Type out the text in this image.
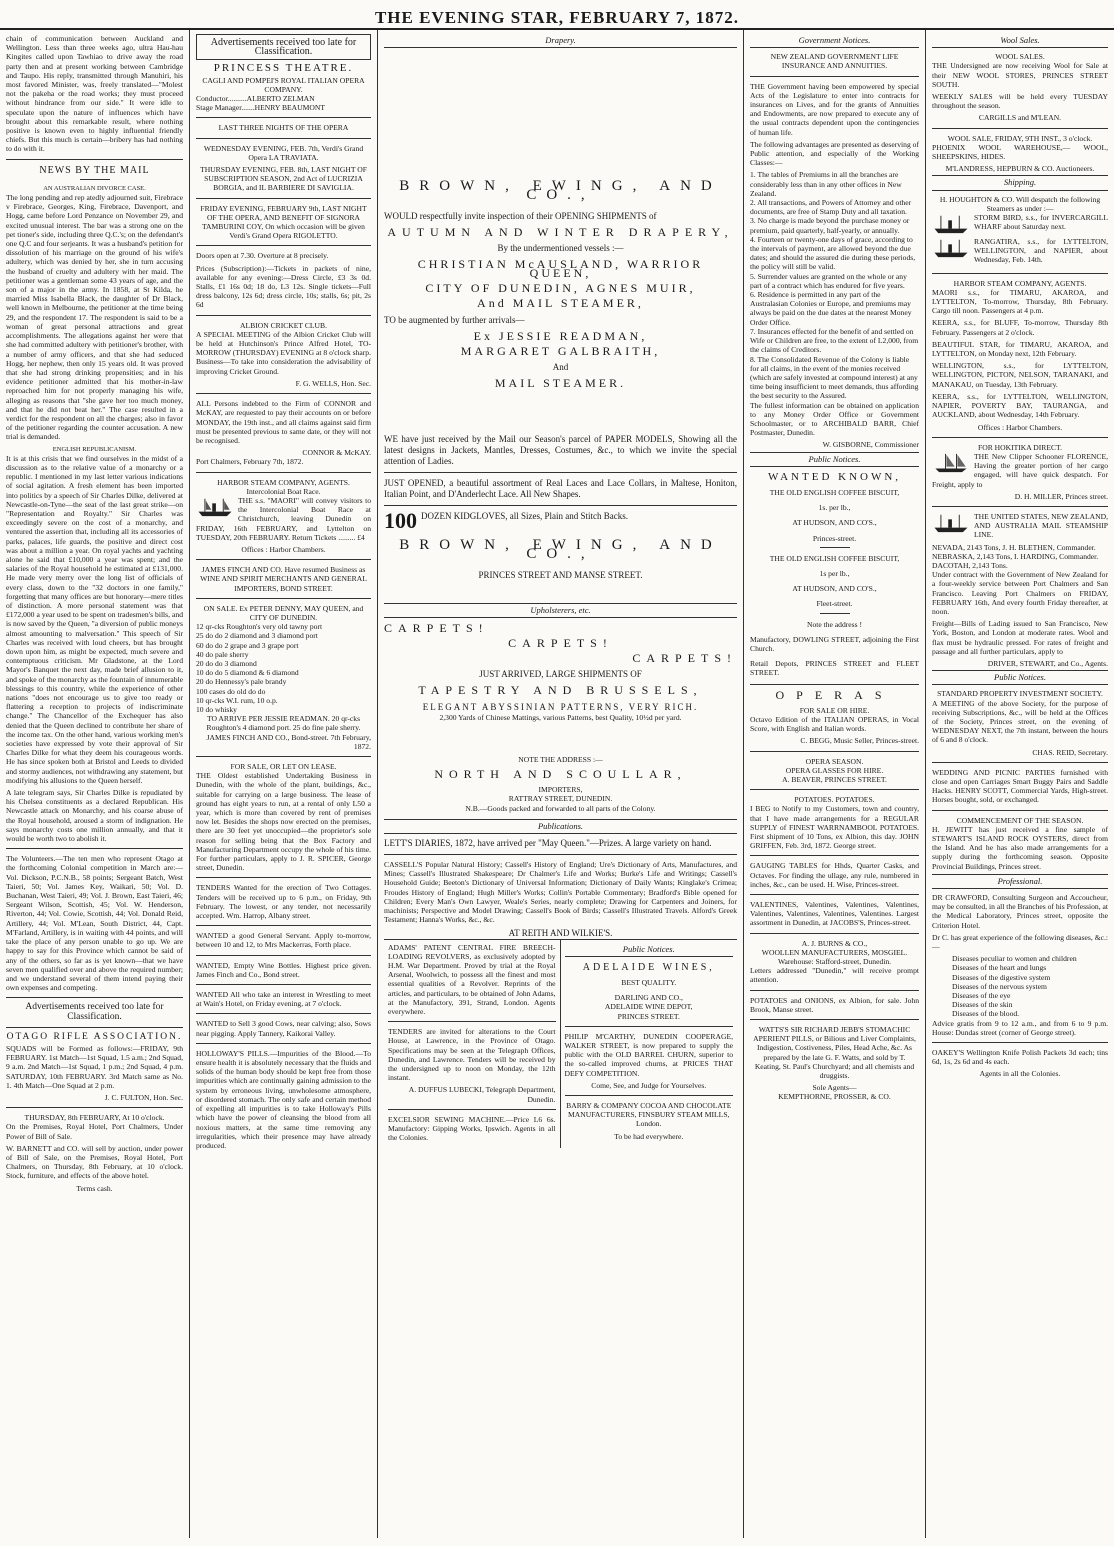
THE EVENING STAR, FEBRUARY 7, 1872.

chain of communication between Auckland and Wellington. Less than three weeks ago, ultra Hau-hau Kingites called upon Tawhiao to drive away the road party then and at present working between Cambridge and Taupo. His reply, transmitted through Manuhiri, his most favored Minister, was, freely translated—"Molest not the pakeha or the road works; they must proceed without hindrance from our side." It were idle to speculate upon the nature of influences which have brought about this remarkable result, where nothing positive is known even to highly influential friendly chiefs. But this much is certain—bribery has had nothing to do with it.

NEWS BY THE MAIL
AN AUSTRALIAN DIVORCE CASE.

The long pending and rep atedly adjourned suit, Firebrace v Firebrace, Georges, King, Firebrace, Davenport, and Hogg, came before Lord Penzance on November 29, and excited unusual interest. The bar was a strong one on the pet tioner's side, including three Q.C.'s; on the defendant's one Q.C and four serjeants. It was a husband's petition for dissolution of his marriage on the ground of his wife's adultery, which was denied by her, she in turn accusing the husband of cruelty and adultery with her maid. The petitioner was a gentleman some 43 years of age, and the son of a major in the army. In 1858, at St Kilda, he married Miss Isabella Black, the daughter of Dr Black, well known in Melbourne, the petitioner at the time being 29, and the respondent 17. The respondent is said to be a woman of great personal attractions and great accomplishments. The allegations against her were that she had committed adultery with petitioner's brother, with a number of army officers, and that she had seduced Hogg, her nephew, then only 15 years old. It was proved that she had strong drinking propensities; and in his evidence petitioner admitted that his mother-in-law reproached him for not properly managing his wife, alleging as reasons that "she gave her too much money, and that he did not beat her." The case resulted in a verdict for the respondent on all the charges; also in favor of the petitioner regarding the counter accusation. A new trial is demanded.

ENGLISH REPUBLICANISM.

It is at this crisis that we find ourselves in the midst of a discussion as to the relative value of a monarchy or a republic. I mentioned in my last letter various indications of social agitation. A fresh element has been imported into politics by a speech of Sir Charles Dilke, delivered at Newcastle-on-Tyne—the seat of the last great strike—on "Representation and Royalty." Sir Charles was exceedingly severe on the cost of a monarchy, and ventured the assertion that, including all its accessories of parks, palaces, life guards, the positive and direct cost was about a million a year. On royal yachts and yachting alone he said that £10,000 a year was spent; and the salaries of the Royal household he estimated at £131,000. He made very merry over the long list of officials of every class, down to the "32 doctors in one family," forgetting that many offices are but honorary—mere titles of distinction. A more personal statement was that £172,000 a year used to be spent on tradesmen's bills, and is now saved by the Queen, "a diversion of public moneys almost amounting to malversation." This speech of Sir Charles was received with loud cheers, but has brought down upon him, as might be expected, much severe and contemptuous criticism. Mr Gladstone, at the Lord Mayor's Banquet the next day, made brief allusion to it, and spoke of the monarchy as the fountain of innumerable blessings to this country, while the experience of other nations "does not encourage us to give too ready or flattering a reception to projects of indiscriminate change." The Chancellor of the Exchequer has also denied that the Queen declined to contribute her share of the income tax. On the other hand, various working men's societies have expressed by vote their approval of Sir Charles Dilke for what they deem his courageous words. He has since spoken both at Bristol and Leeds to divided and stormy audiences, not withdrawing any statement, but modifying his allusions to the Queen herself.

A late telegram says, Sir Charles Dilke is repudiated by his Chelsea constituents as a declared Republican. His Newcastle attack on Monarchy, and his coarse abuse of the Royal household, aroused a storm of indignation. He says monarchy costs one million annually, and that it would be worth two to abolish it.

The Volunteers.—The ten men who represent Otago at the forthcoming Colonial competition in March are:—Vol. Dickson, P.C.N.B., 58 points; Sergeant Batch, West Taieri, 50; Vol. James Key, Waikari, 50; Vol. D. Buchanan, West Taieri, 49; Vol. J. Brown, East Taieri, 46; Sergeant Wilson, Scottish, 45; Vol. W. Henderson, Riverton, 44; Vol. Cowie, Scottish, 44; Vol. Donald Reid, Artillery, 44; Vol. M'Lean, South District, 44, Capt. M'Farland, Artillery, is in waiting with 44 points, and will take the place of any person unable to go up. We are happy to say for this Province which cannot be said of any of the others, so far as is yet known—that we have seven men qualified over and above the required number; and we understand several of them intend paying their own expenses and competing.

Advertisements received too late for Classification.
OTAGO RIFLE ASSOCIATION.

SQUADS will be Formed as follows:—FRIDAY, 9th FEBRUARY. 1st Match—1st Squad, 1.5 a.m.; 2nd Squad, 9 a.m. 2nd Match—1st Squad, 1 p.m.; 2nd Squad, 4 p.m. SATURDAY, 10th FEBRUARY. 3rd Match same as No. 1. 4th Match—One Squad at 2 p.m.

J. C. FULTON, Hon. Sec.
THURSDAY, 8th FEBRUARY, At 10 o'clock.

On the Premises, Royal Hotel, Port Chalmers, Under Power of Bill of Sale.

W. BARNETT and CO. will sell by auction, under power of Bill of Sale, on the Premises, Royal Hotel, Port Chalmers, on Thursday, 8th February, at 10 o'clock. Stock, furniture, and effects of the above hotel.

Terms cash.
Advertisements received too late for Classification.
PRINCESS THEATRE.
CAGLI AND POMPEI'S ROYAL ITALIAN OPERA COMPANY.
Conductor..........ALBERTO ZELMAN
Stage Manager.......HENRY BEAUMONT
LAST THREE NIGHTS OF THE OPERA
WEDNESDAY EVENING, FEB. 7th, Verdi's Grand Opera LA TRAVIATA.
THURSDAY EVENING, FEB. 8th, LAST NIGHT OF SUBSCRIPTION SEASON, 2nd Act of LUCRIZIA BORGIA, and IL BARBIERE DI SAVIGLIA.
FRIDAY EVENING, FEBRUARY 9th, LAST NIGHT OF THE OPERA, AND BENEFIT OF SIGNORA TAMBURINI COY, On which occasion will be given Verdi's Grand Opera RIGOLETTO.

Doors open at 7.30. Overture at 8 precisely.

Prices (Subscription):—Tickets in packets of nine, available for any evening:—Dress Circle, £3 3s 0d. Stalls, £1 16s 0d; 18 do, L3 12s. Single tickets—Full dress balcony, 12s 6d; dress circle, 10s; stalls, 6s; pit, 2s 6d

ALBION CRICKET CLUB.

A SPECIAL MEETING of the Albion Cricket Club will be held at Hutchinson's Prince Alfred Hotel, TO-MORROW (THURSDAY) EVENING at 8 o'clock sharp. Business—To take into consideration the advisability of improving Cricket Ground.

F. G. WELLS, Hon. Sec.

ALL Persons indebted to the Firm of CONNOR and McKAY, are requested to pay their accounts on or before MONDAY, the 19th inst., and all claims against said firm must be presented previous to same date, or they will not be recognised.

CONNOR & McKAY.
Port Chalmers, February 7th, 1872.
HARBOR STEAM COMPANY, AGENTS.
Intercolonial Boat Race.

THE s.s. "MAORI" will convey visitors to the Intercolonial Boat Race at Christchurch, leaving Dunedin on FRIDAY, 16th FEBRUARY, and Lyttelton on TUESDAY, 20th FEBRUARY. Return Tickets ......... £4

Offices : Harbor Chambers.

JAMES FINCH AND CO. Have resumed Business as WINE AND SPIRIT MERCHANTS AND GENERAL IMPORTERS, BOND STREET.

ON SALE. Ex PETER DENNY, MAY QUEEN, and CITY OF DUNEDIN.
12 qr-cks Roughton's very old tawny port
25 do do 2 diamond and 3 diamond port
60 do do 2 grape and 3 grape port
40 do pale sherry
20 do do 3 diamond
10 do do 5 diamond & 6 diamond
20 do Hennessy's pale brandy
100 cases do old do do
10 qr-cks W.I. rum, 10 o.p.
10 do whisky
TO ARRIVE PER JESSIE READMAN. 20 qr-cks Roughton's 4 diamond port. 25 do fine pale sherry.
JAMES FINCH AND CO., Bond-street. 7th February, 1872.
FOR SALE, OR LET ON LEASE.

THE Oldest established Undertaking Business in Dunedin, with the whole of the plant, buildings, &c., suitable for carrying on a large business. The lease of ground has eight years to run, at a rental of only L50 a year, which is more than covered by rent of premises now let. Besides the shops now erected on the premises, there are 30 feet yet unoccupied—the proprietor's sole reason for selling being that the Box Factory and Manufacturing Department occupy the whole of his time. For further particulars, apply to J. R. SPICER, George street, Dunedin.

TENDERS Wanted for the erection of Two Cottages. Tenders will be received up to 6 p.m., on Friday, 9th February. The lowest, or any tender, not necessarily accepted. Wm. Harrop, Albany street.

WANTED a good General Servant. Apply to-morrow, between 10 and 12, to Mrs Mackerras, Forth place.

WANTED, Empty Wine Bottles. Highest price given. James Finch and Co., Bond street.

WANTED All who take an interest in Wrestling to meet at Wain's Hotel, on Friday evening, at 7 o'clock.

WANTED to Sell 3 good Cows, near calving; also, Sows near pigging. Apply Tannery, Kaikorai Valley.

HOLLOWAY'S PILLS.—Impurities of the Blood.—To ensure health it is absolutely necessary that the fluids and solids of the human body should be kept free from those impurities which are continually gaining admission to the system by erroneous living, unwholesome atmosphere, or disordered stomach. The only safe and certain method of expelling all impurities is to take Holloway's Pills which have the power of cleansing the blood from all noxious matters, at the same time removing any irregularities, which their presence may have already produced.

Drapery.
BROWN, EWING, AND CO.,

WOULD respectfully invite inspection of their OPENING SHIPMENTS of

AUTUMN AND WINTER DRAPERY,
By the undermentioned vessels :—
CHRISTIAN McAUSLAND, WARRIOR QUEEN,
CITY OF DUNEDIN, AGNES MUIR,
And MAIL STEAMER,
TO be augmented by further arrivals—
Ex JESSIE READMAN,
MARGARET GALBRAITH,
And
MAIL STEAMER.

WE have just received by the Mail our Season's parcel of PAPER MODELS, Showing all the latest designs in Jackets, Mantles, Dresses, Costumes, &c., to which we invite the special attention of Ladies.

JUST OPENED, a beautiful assortment of Real Laces and Lace Collars, in Maltese, Honiton, Italian Point, and D'Anderlecht Lace. All New Shapes.

100 DOZEN KIDGLOVES, all Sizes, Plain and Stitch Backs.

BROWN, EWING, AND CO.,
PRINCES STREET AND MANSE STREET.
Upholsterers, etc.
CARPETS!
CARPETS!
CARPETS!
JUST ARRIVED, LARGE SHIPMENTS OF
TAPESTRY AND BRUSSELS,
ELEGANT ABYSSINIAN PATTERNS, VERY RICH.

2,300 Yards of Chinese Mattings, various Patterns, best Quality, 10½d per yard.

NOTE THE ADDRESS :—
NORTH AND SCOULLAR,
IMPORTERS,
RATTRAY STREET, DUNEDIN.
N.B.—Goods packed and forwarded to all parts of the Colony.
Publications.

LETT'S DIARIES, 1872, have arrived per "May Queen."—Prizes. A large variety on hand.

CASSELL'S Popular Natural History; Cassell's History of England; Ure's Dictionary of Arts, Manufactures, and Mines; Cassell's Illustrated Shakespeare; Dr Chalmer's Life and Works; Burke's Life and Writings; Cassell's Household Guide; Beeton's Dictionary of Universal Information; Dictionary of Daily Wants; Kinglake's Crimea; Froudes History of England; Hugh Miller's Works; Collin's Portable Commentary; Bradford's Bible opened for Children; Every Man's Own Lawyer, Weale's Series, nearly complete; Drawing for Carpenters and Joiners, for machinists; Perspective and Model Drawing; Cassell's Book of Birds; Cassell's Illustrated Travels. Alford's Greek Testament; Hanna's Works, &c., &c.

AT REITH AND WILKIE'S.

ADAMS' PATENT CENTRAL FIRE BREECH-LOADING REVOLVERS, as exclusively adopted by H.M. War Department. Proved by trial at the Royal Arsenal, Woolwich, to possess all the finest and most essential qualities of a Revolver. Reprints of the articles, and particulars, to be obtained of John Adams, at the Manufactory, 391, Strand, London. Agents everywhere.

TENDERS are invited for alterations to the Court House, at Lawrence, in the Province of Otago. Specifications may be seen at the Telegraph Offices, Dunedin, and Lawrence. Tenders will be received by the undersigned up to noon on Monday, the 12th instant.

A. DUFFUS LUBECKI, Telegraph Department, Dunedin.

EXCELSIOR SEWING MACHINE.—Price L6 6s. Manufactory: Gipping Works, Ipswich. Agents in all the Colonies.

Public Notices.
ADELAIDE WINES,
BEST QUALITY.
DARLING AND CO.,
ADELAIDE WINE DEPOT,
PRINCES STREET.

PHILIP M'CARTHY, DUNEDIN COOPERAGE, WALKER STREET, is now prepared to supply the public with the OLD BARREL CHURN, superior to the so-called improved churns, at PRICES THAT DEFY COMPETITION.

Come, See, and Judge for Yourselves.

BARRY & COMPANY COCOA AND CHOCOLATE MANUFACTURERS, FINSBURY STEAM MILLS, London.

To be had everywhere.
Government Notices.
NEW ZEALAND GOVERNMENT LIFE INSURANCE AND ANNUITIES.

THE Government having been empowered by special Acts of the Legislature to enter into contracts for insurances on Lives, and for the grants of Annuities and Endowments, are now prepared to execute any of the usual contracts dependent upon the contingencies of human life.

The following advantages are presented as deserving of Public attention, and especially of the Working Classes:—

1. The tables of Premiums in all the branches are considerably less than in any other offices in New Zealand.
2. All transactions, and Powers of Attorney and other documents, are free of Stamp Duty and all taxation.
3. No charge is made beyond the purchase money or premium, paid quarterly, half-yearly, or annually.
4. Fourteen or twenty-one days of grace, according to the intervals of payment, are allowed beyond the due dates; and should the assured die during these periods, the policy will still be valid.
5. Surrender values are granted on the whole or any part of a contract which has endured for five years.
6. Residence is permitted in any part of the Australasian Colonies or Europe, and premiums may always be paid on the due dates at the nearest Money Order Office.
7. Insurances effected for the benefit of and settled on Wife or Children are free, to the extent of L2,000, from the claims of Creditors.
8. The Consolidated Revenue of the Colony is liable for all claims, in the event of the monies received (which are safely invested at compound interest) at any time being insufficient to meet demands, thus affording the best security to the Assured.

The fullest information can be obtained on application to any Money Order Office or Government Schoolmaster, or to ARCHIBALD BARR, Chief Postmaster, Dunedin.

W. GISBORNE, Commissioner
Public Notices.
WANTED KNOWN,
THE OLD ENGLISH COFFEE BISCUIT,
1s. per lb.,
AT HUDSON, AND CO'S.,
Princes-street.
THE OLD ENGLISH COFFEE BISCUIT,
1s per lb.,
AT HUDSON, AND CO'S.,
Fleet-street.
Note the address !

Manufactory, DOWLING STREET, adjoining the First Church.

Retail Depots, PRINCES STREET and FLEET STREET.

OPERAS
FOR SALE OR HIRE.

Octavo Edition of the ITALIAN OPERAS, in Vocal Score, with English and Italian words.

C. BEGG, Music Seller, Princes-street.
OPERA SEASON.
OPERA GLASSES FOR HIRE.
A. BEAVER, PRINCES STREET.
POTATOES. POTATOES.

I BEG to Notify to my Customers, town and country, that I have made arrangements for a REGULAR SUPPLY of FINEST WARRNAMBOOL POTATOES. First shipment of 10 Tons, ex Albion, this day. JOHN GRIFFEN, Feb. 3rd, 1872. George street.

GAUGING TABLES for Hhds, Quarter Casks, and Octaves. For finding the ullage, any rule, numbered in inches, &c., can be used. H. Wise, Princes-street.

VALENTINES, Valentines, Valentines, Valentines, Valentines, Valentines, Valentines, Valentines. Largest assortment in Dunedin, at JACOBS'S, Princes-street.

A. J. BURNS & CO.,
WOOLLEN MANUFACTURERS, MOSGIEL.
Warehouse: Stafford-street, Dunedin.

Letters addressed "Dunedin," will receive prompt attention.

POTATOES and ONIONS, ex Albion, for sale. John Brook, Manse street.

WATTS'S SIR RICHARD JEBB'S STOMACHIC APERIENT PILLS, or Bilious and Liver Complaints, Indigestion, Costiveness, Piles, Head Ache, &c. As prepared by the late G. F. Watts, and sold by T. Keating, St. Paul's Churchyard; and all chemists and druggists.

Sole Agents—
KEMPTHORNE, PROSSER, & CO.
Wool Sales.
WOOL SALES.

THE Undersigned are now receiving Wool for Sale at their NEW WOOL STORES, PRINCES STREET SOUTH.

WEEKLY SALES will be held every TUESDAY throughout the season.

CARGILLS and M'LEAN.
WOOL SALE, FRIDAY, 9TH INST., 3 o'clock.

PHOENIX WOOL WAREHOUSE,— WOOL, SHEEPSKINS, HIDES.

M'LANDRESS, HEPBURN & CO. Auctioneers.
Shipping.
H. HOUGHTON & CO. Will despatch the following Steamers as under :—

STORM BIRD, s.s., for INVERCARGILL WHARF about Saturday next.

RANGATIRA, s.s., for LYTTELTON, WELLINGTON, and NAPIER, about Wednesday, Feb. 14th.

HARBOR STEAM COMPANY, AGENTS.

MAORI s.s., for TIMARU, AKAROA, and LYTTELTON, To-morrow, Thursday, 8th February. Cargo till noon. Passengers at 4 p.m.

KEERA, s.s., for BLUFF, To-morrow, Thursday 8th February. Passengers at 2 o'clock.

BEAUTIFUL STAR, for TIMARU, AKAROA, and LYTTELTON, on Monday next, 12th February.

WELLINGTON, s.s., for LYTTELTON, WELLINGTON, PICTON, NELSON, TARANAKI, and MANAKAU, on Tuesday, 13th February.

KEERA, s.s., for LYTTELTON, WELLINGTON, NAPIER, POVERTY BAY, TAURANGA, and AUCKLAND, about Wednesday, 14th February.

Offices : Harbor Chambers.
FOR HOKITIKA DIRECT.

THE New Clipper Schooner FLORENCE, Having the greater portion of her cargo engaged, will have quick despatch. For Freight, apply to

D. H. MILLER, Princes street.

THE UNITED STATES, NEW ZEALAND, AND AUSTRALIA MAIL STEAMSHIP LINE.

NEVADA, 2143 Tons, J. H. BLETHEN, Commander.
NEBRASKA, 2,143 Tons, I. HARDING, Commander.
DACOTAH, 2,143 Tons.

Under contract with the Government of New Zealand for a four-weekly service between Port Chalmers and San Francisco. Leaving Port Chalmers on FRIDAY, FEBRUARY 16th, And every fourth Friday thereafter, at noon.

Freight—Bills of Lading issued to San Francisco, New York, Boston, and London at moderate rates. Wool and flax must be hydraulic pressed. For rates of freight and passage and all further particulars, apply to

DRIVER, STEWART, and Co., Agents.
Public Notices.
STANDARD PROPERTY INVESTMENT SOCIETY.

A MEETING of the above Society, for the purpose of receiving Subscriptions, &c., will be held at the Offices of the Society, Princes street, on the evening of WEDNESDAY NEXT, the 7th instant, between the hours of 6 and 8 o'clock.

CHAS. REID, Secretary.

WEDDING AND PICNIC PARTIES furnished with close and open Carriages Smart Buggy Pairs and Saddle Hacks. HENRY SCOTT, Commercial Yards, High-street. Horses bought, sold, or exchanged.

COMMENCEMENT OF THE SEASON.

H. JEWITT has just received a fine sample of STEWART'S ISLAND ROCK OYSTERS, direct from the Island. And he has also made arrangements for a supply during the forthcoming season. Opposite Provincial Buildings, Princes street.

Professional.

DR CRAWFORD, Consulting Surgeon and Accoucheur, may be consulted, in all the Branches of his Profession, at the Medical Laboratory, Princes street, opposite the Criterion Hotel.

Dr C. has great experience of the following diseases, &c.:—

Diseases peculiar to women and children
Diseases of the heart and lungs
Diseases of the digestive system
Diseases of the nervous system
Diseases of the eye
Diseases of the skin
Diseases of the blood.

Advice gratis from 9 to 12 a.m., and from 6 to 9 p.m. House: Dundas street (corner of George street).

OAKEY'S Wellington Knife Polish Packets 3d each; tins 6d, 1s, 2s 6d and 4s each.

Agents in all the Colonies.
